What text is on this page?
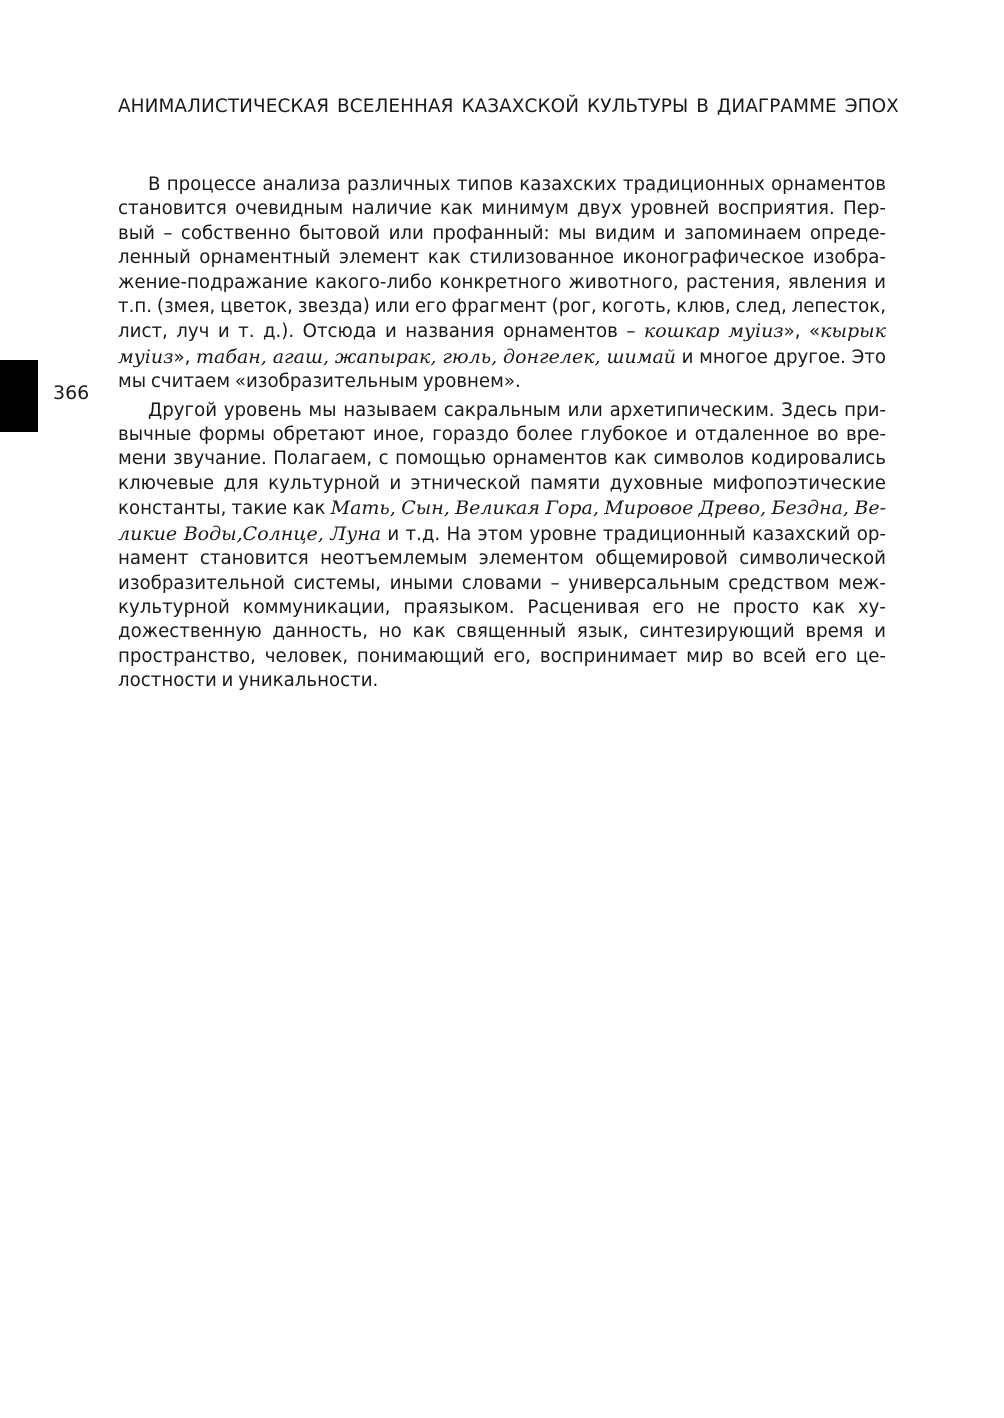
АНИМАЛИСТИЧЕСКАЯ ВСЕЛЕННАЯ КАЗАХСКОЙ КУЛЬТУРЫ В ДИАГРАММЕ ЭПОХ
366

В процессе анализа различных типов казахских традиционных орнаментов становится очевидным наличие как минимум двух уровней восприятия. Первый – собственно бытовой или профанный: мы видим и запоминаем определенный орнаментный элемент как стилизованное иконографическое изображение-подражание какого-либо конкретного животного, растения, явления и т.п. (змея, цветок, звезда) или его фрагмент (рог, коготь, клюв, след, лепесток, лист, луч и т. д.). Отсюда и названия орнаментов – кошкар муiиз», «кырык муiиз», табан, агаш, жапырак, гюль, донгелек, шимай и многое другое. Это мы считаем «изобразительным уровнем».

Другой уровень мы называем сакральным или архетипическим. Здесь привычные формы обретают иное, гораздо более глубокое и отдаленное во времени звучание. Полагаем, с помощью орнаментов как символов кодировались ключевые для культурной и этнической памяти духовные мифопоэтические константы, такие как Мать, Сын, Великая Гора, Мировое Древо, Бездна, Великие Воды,Солнце, Луна и т.д. На этом уровне традиционный казахский орнамент становится неотъемлемым элементом общемировой символической изобразительной системы, иными словами – универсальным средством межкультурной коммуникации, праязыком. Расценивая его не просто как художественную данность, но как священный язык, синтезирующий время и пространство, человек, понимающий его, воспринимает мир во всей его целостности и уникальности.
